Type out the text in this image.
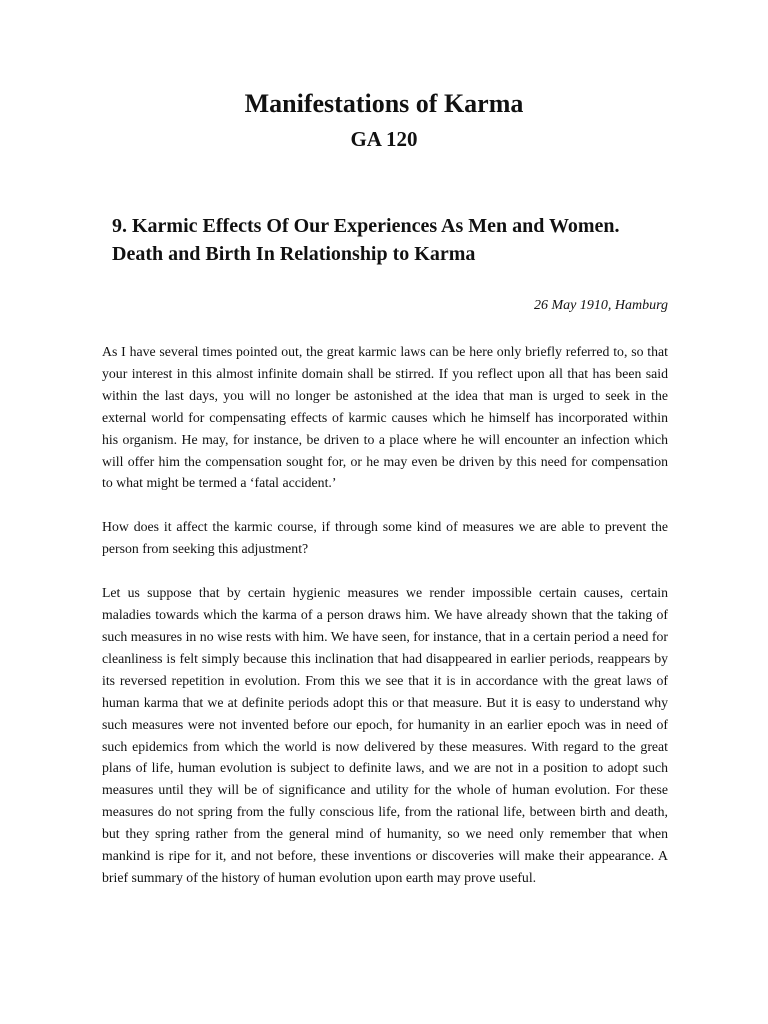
Manifestations of Karma
GA 120
9. Karmic Effects Of Our Experiences As Men and Women. Death and Birth In Relationship to Karma

26 May 1910, Hamburg

As I have several times pointed out, the great karmic laws can be here only briefly referred to, so that your interest in this almost infinite domain shall be stirred. If you reflect upon all that has been said within the last days, you will no longer be astonished at the idea that man is urged to seek in the external world for compensating effects of karmic causes which he himself has incorporated within his organism. He may, for instance, be driven to a place where he will encounter an infection which will offer him the compensation sought for, or he may even be driven by this need for compensation to what might be termed a ‘fatal accident.’

How does it affect the karmic course, if through some kind of measures we are able to prevent the person from seeking this adjustment?

Let us suppose that by certain hygienic measures we render impossible certain causes, certain maladies towards which the karma of a person draws him. We have already shown that the taking of such measures in no wise rests with him. We have seen, for instance, that in a certain period a need for cleanliness is felt simply because this inclination that had disappeared in earlier periods, reappears by its reversed repetition in evolution. From this we see that it is in accordance with the great laws of human karma that we at definite periods adopt this or that measure. But it is easy to understand why such measures were not invented before our epoch, for humanity in an earlier epoch was in need of such epidemics from which the world is now delivered by these measures. With regard to the great plans of life, human evolution is subject to definite laws, and we are not in a position to adopt such measures until they will be of significance and utility for the whole of human evolution. For these measures do not spring from the fully conscious life, from the rational life, between birth and death, but they spring rather from the general mind of humanity, so we need only remember that when mankind is ripe for it, and not before, these inventions or discoveries will make their appearance. A brief summary of the history of human evolution upon earth may prove useful.
